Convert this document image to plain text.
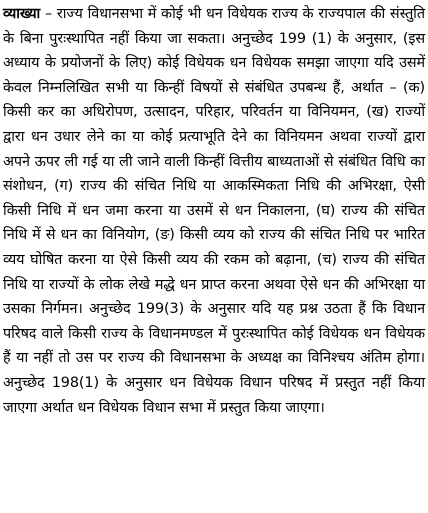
व्याख्या – राज्य विधानसभा में कोई भी धन विधेयक राज्य के राज्यपाल की संस्तुति के बिना पुरःस्थापित नहीं किया जा सकता। अनुच्छेद 199 (1) के अनुसार, (इस अध्याय के प्रयोजनों के लिए) कोई विधेयक धन विधेयक समझा जाएगा यदि उसमें केवल निम्नलिखित सभी या किन्हीं विषयों से संबंधित उपबन्ध हैं, अर्थात – (क) किसी कर का अधिरोपण, उत्सादन, परिहार, परिवर्तन या विनियमन, (ख) राज्यों द्वारा धन उधार लेने का या कोई प्रत्याभूति देने का विनियमन अथवा राज्यों द्वारा अपने ऊपर ली गई या ली जाने वाली किन्हीं वित्तीय बाध्यताओं से संबंधित विधि का संशोधन, (ग) राज्य की संचित निधि या आकस्मिकता निधि की अभिरक्षा, ऐसी किसी निधि में धन जमा करना या उसमें से धन निकालना, (घ) राज्य की संचित निधि में से धन का विनियोग, (ङ) किसी व्यय को राज्य की संचित निधि पर भारित व्यय घोषित करना या ऐसे किसी व्यय की रकम को बढ़ाना, (च) राज्य की संचित निधि या राज्यों के लोक लेखे मद्धे धन प्राप्त करना अथवा ऐसे धन की अभिरक्षा या उसका निर्गमन। अनुच्छेद 199(3) के अनुसार यदि यह प्रश्न उठता हैं कि विधान परिषद वाले किसी राज्य के विधानमण्डल में पुरःस्थापित कोई विधेयक धन विधेयक हैं या नहीं तो उस पर राज्य की विधानसभा के अध्यक्ष का विनिश्चय अंतिम होगा। अनुच्छेद 198(1) के अनुसार धन विधेयक विधान परिषद में प्रस्तुत नहीं किया जाएगा अर्थात धन विधेयक विधान सभा में प्रस्तुत किया जाएगा।
